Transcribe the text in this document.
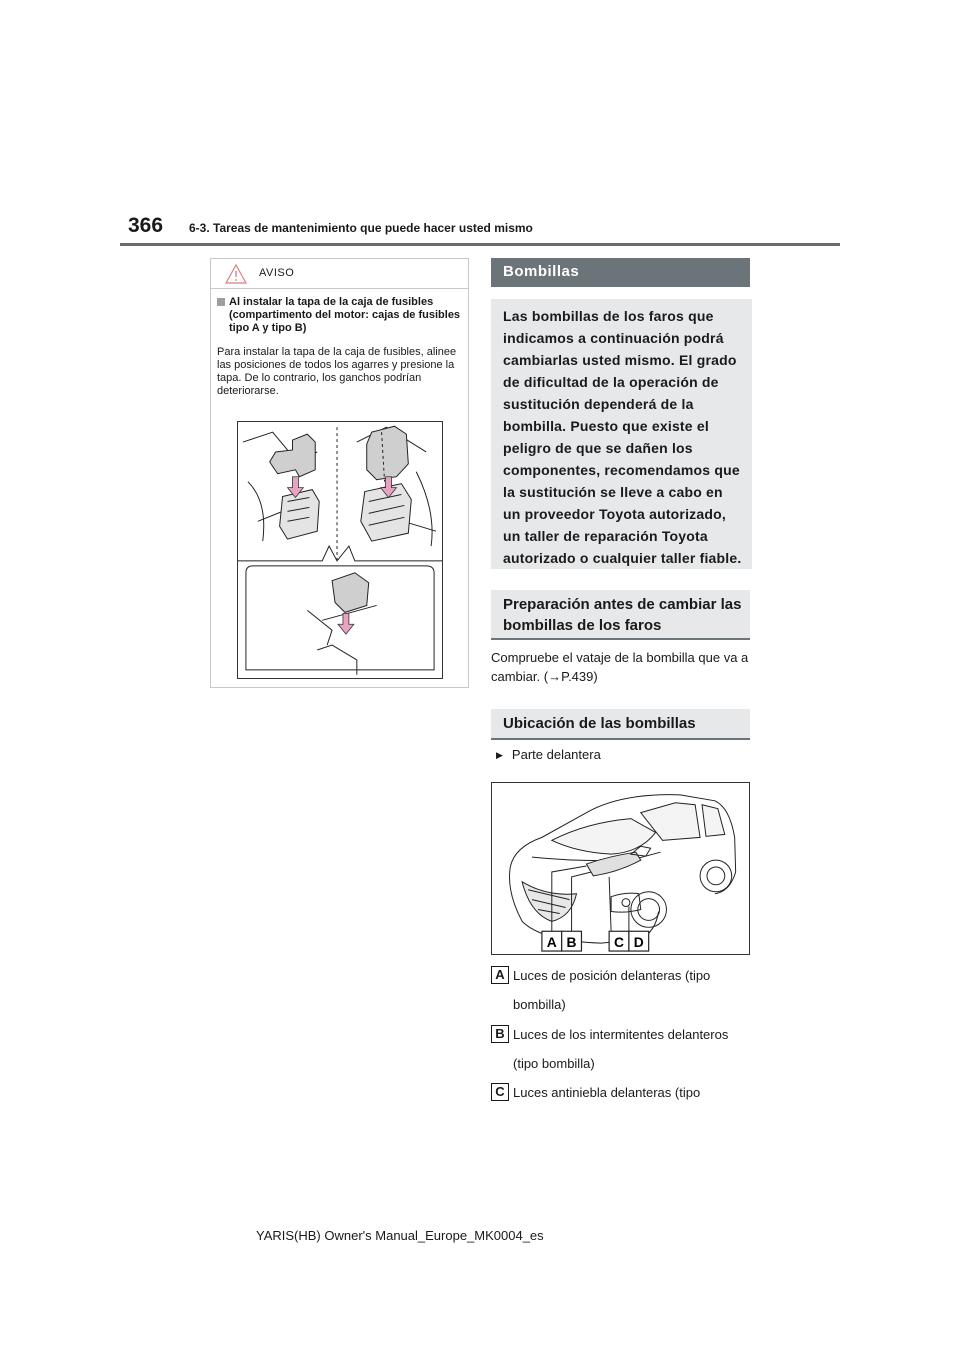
366 6-3. Tareas de mantenimiento que puede hacer usted mismo
AVISO
Al instalar la tapa de la caja de fusibles (compartimento del motor: cajas de fusibles tipo A y tipo B)
Para instalar la tapa de la caja de fusibles, alinee las posiciones de todos los agarres y presione la tapa. De lo contrario, los ganchos podrían deteriorarse.
Bombillas
Las bombillas de los faros que indicamos a continuación podrá cambiarlas usted mismo. El grado de dificultad de la operación de sustitución dependerá de la bombilla. Puesto que existe el peligro de que se dañen los componentes, recomendamos que la sustitución se lleve a cabo en un proveedor Toyota autorizado, un taller de reparación Toyota autorizado o cualquier taller fiable.
Preparación antes de cambiar las bombillas de los faros
Compruebe el vataje de la bombilla que va a cambiar. (→P.439)
Ubicación de las bombillas
▶ Parte delantera
A B	C D
A Luces de posición delanteras (tipo bombilla)
B Luces de los intermitentes delanteros (tipo bombilla)
C Luces antiniebla delanteras (tipo
YARIS(HB) Owner's Manual_Europe_MK0004_es
